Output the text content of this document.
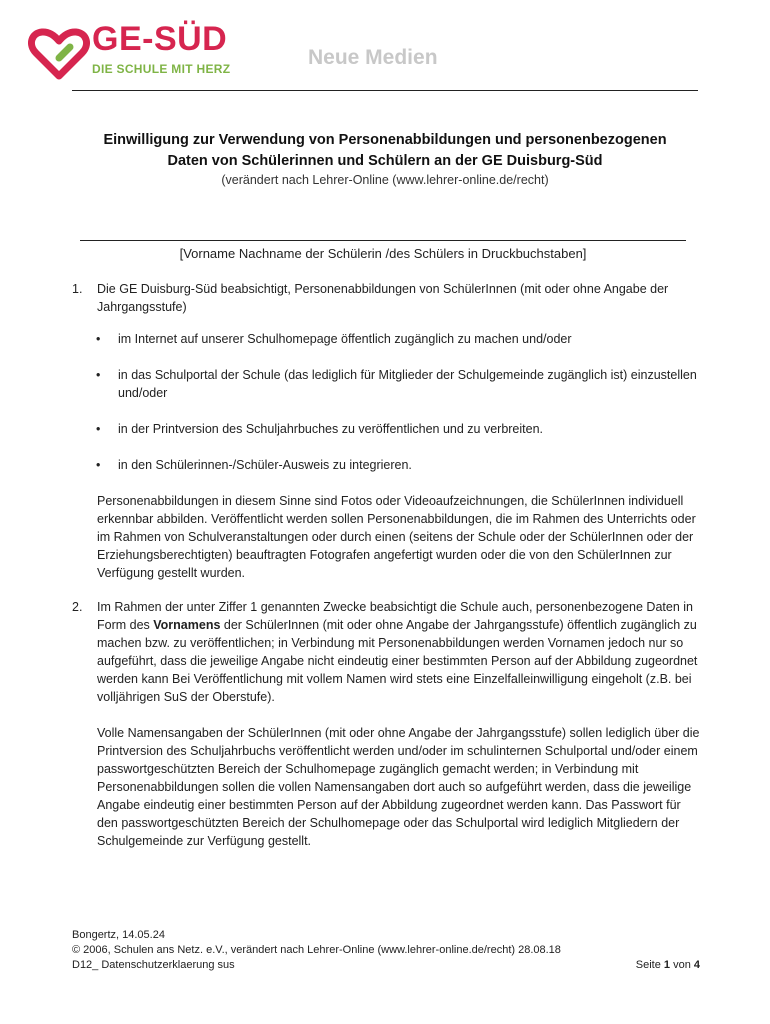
GE-SÜD
DIE SCHULE MIT HERZ	Neue Medien
Einwilligung zur Verwendung von Personenabbildungen und personenbezogenen
Daten von Schülerinnen und Schülern an der GE Duisburg-Süd
(verändert nach Lehrer-Online (www.lehrer-online.de/recht)
[Vorname Nachname der Schülerin /des Schülers in Druckbuchstaben]
1. Die GE Duisburg-Süd beabsichtigt, Personenabbildungen von SchülerInnen (mit oder ohne Angabe der Jahrgangsstufe)

• im Internet auf unserer Schulhomepage öffentlich zugänglich zu machen und/oder
• in das Schulportal der Schule (das lediglich für Mitglieder der Schulgemeinde zugänglich ist) einzustellen und/oder
• in der Printversion des Schuljahrbuches zu veröffentlichen und zu verbreiten.
• in den Schülerinnen-/Schüler-Ausweis zu integrieren.

Personenabbildungen in diesem Sinne sind Fotos oder Videoaufzeichnungen, die SchülerInnen individuell erkennbar abbilden. Veröffentlicht werden sollen Personenabbildungen, die im Rahmen des Unterrichts oder im Rahmen von Schulveranstaltungen oder durch einen (seitens der Schule oder der SchülerInnen oder der Erziehungsberechtigten) beauftragten Fotografen angefertigt wurden oder die von den SchülerInnen zur Verfügung gestellt wurden.

2. Im Rahmen der unter Ziffer 1 genannten Zwecke beabsichtigt die Schule auch, personenbezogene Daten in Form des Vornamens der SchülerInnen (mit oder ohne Angabe der Jahrgangsstufe) öffentlich zugänglich zu machen bzw. zu veröffentlichen; in Verbindung mit Personenabbildungen werden Vornamen jedoch nur so aufgeführt, dass die jeweilige Angabe nicht eindeutig einer bestimmten Person auf der Abbildung zugeordnet werden kann Bei Veröffentlichung mit vollem Namen wird stets eine Einzelfalleinwilligung eingeholt (z.B. bei volljährigen SuS der Oberstufe).

Volle Namensangaben der SchülerInnen (mit oder ohne Angabe der Jahrgangsstufe) sollen lediglich über die Printversion des Schuljahrbuchs veröffentlicht werden und/oder im schulinternen Schulportal und/oder einem passwortgeschützten Bereich der Schulhomepage zugänglich gemacht werden; in Verbindung mit Personenabbildungen sollen die vollen Namensangaben dort auch so aufgeführt werden, dass die jeweilige Angabe eindeutig einer bestimmten Person auf der Abbildung zugeordnet werden kann. Das Passwort für den passwortgeschützten Bereich der Schulhomepage oder das Schulportal wird lediglich Mitgliedern der Schulgemeinde zur Verfügung gestellt.

Bongertz, 14.05.24
© 2006, Schulen ans Netz. e.V., verändert nach Lehrer-Online (www.lehrer-online.de/recht) 28.08.18
D12_ Datenschutzerklaerung sus	Seite 1 von 4
